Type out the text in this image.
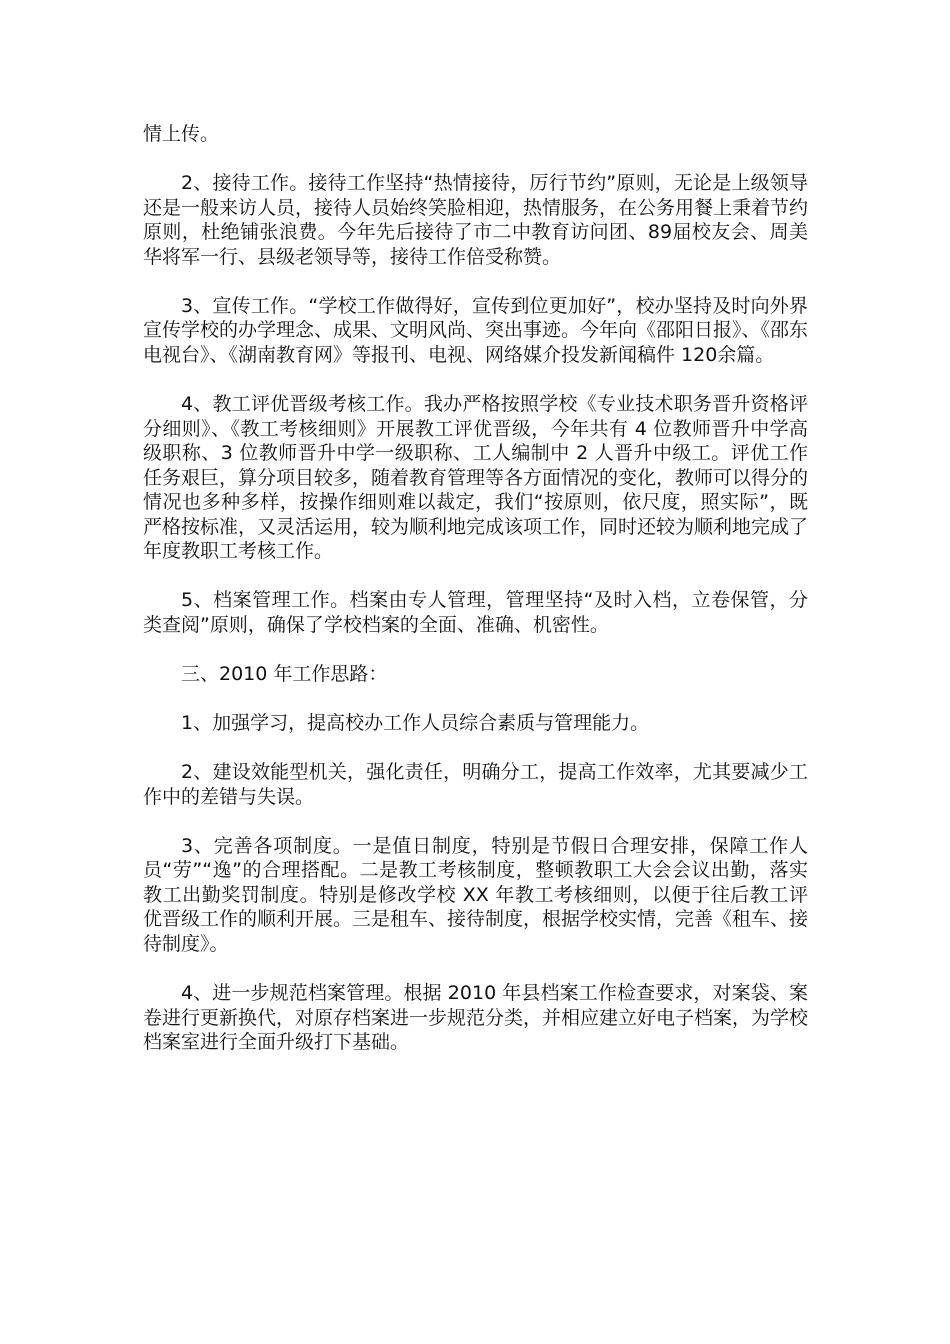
情上传。

2、接待工作。接待工作坚持“热情接待，厉行节约”原则，无论是上级领导还是一般来访人员，接待人员始终笑脸相迎，热情服务，在公务用餐上秉着节约原则，杜绝铺张浪费。今年先后接待了市二中教育访问团、89届校友会、周美华将军一行、县级老领导等，接待工作倍受称赞。

3、宣传工作。“学校工作做得好，宣传到位更加好”，校办坚持及时向外界宣传学校的办学理念、成果、文明风尚、突出事迹。今年向《邵阳日报》、《邵东电视台》、《湖南教育网》等报刊、电视、网络媒介投发新闻稿件 120余篇。

4、教工评优晋级考核工作。我办严格按照学校《专业技术职务晋升资格评分细则》、《教工考核细则》开展教工评优晋级，今年共有 4 位教师晋升中学高级职称、3 位教师晋升中学一级职称、工人编制中 2 人晋升中级工。评优工作任务艰巨，算分项目较多，随着教育管理等各方面情况的变化，教师可以得分的情况也多种多样，按操作细则难以裁定，我们“按原则，依尺度，照实际”，既严格按标准，又灵活运用，较为顺利地完成该项工作，同时还较为顺利地完成了年度教职工考核工作。

5、档案管理工作。档案由专人管理，管理坚持“及时入档，立卷保管，分类查阅”原则，确保了学校档案的全面、准确、机密性。

三、2010 年工作思路：

1、加强学习，提高校办工作人员综合素质与管理能力。

2、建设效能型机关，强化责任，明确分工，提高工作效率，尤其要减少工作中的差错与失误。

3、完善各项制度。一是值日制度，特别是节假日合理安排，保障工作人员“劳”“逸”的合理搭配。二是教工考核制度，整顿教职工大会会议出勤，落实教工出勤奖罚制度。特别是修改学校 XX 年教工考核细则，以便于往后教工评优晋级工作的顺利开展。三是租车、接待制度，根据学校实情，完善《租车、接待制度》。

4、进一步规范档案管理。根据 2010 年县档案工作检查要求，对案袋、案卷进行更新换代，对原存档案进一步规范分类，并相应建立好电子档案，为学校档案室进行全面升级打下基础。
